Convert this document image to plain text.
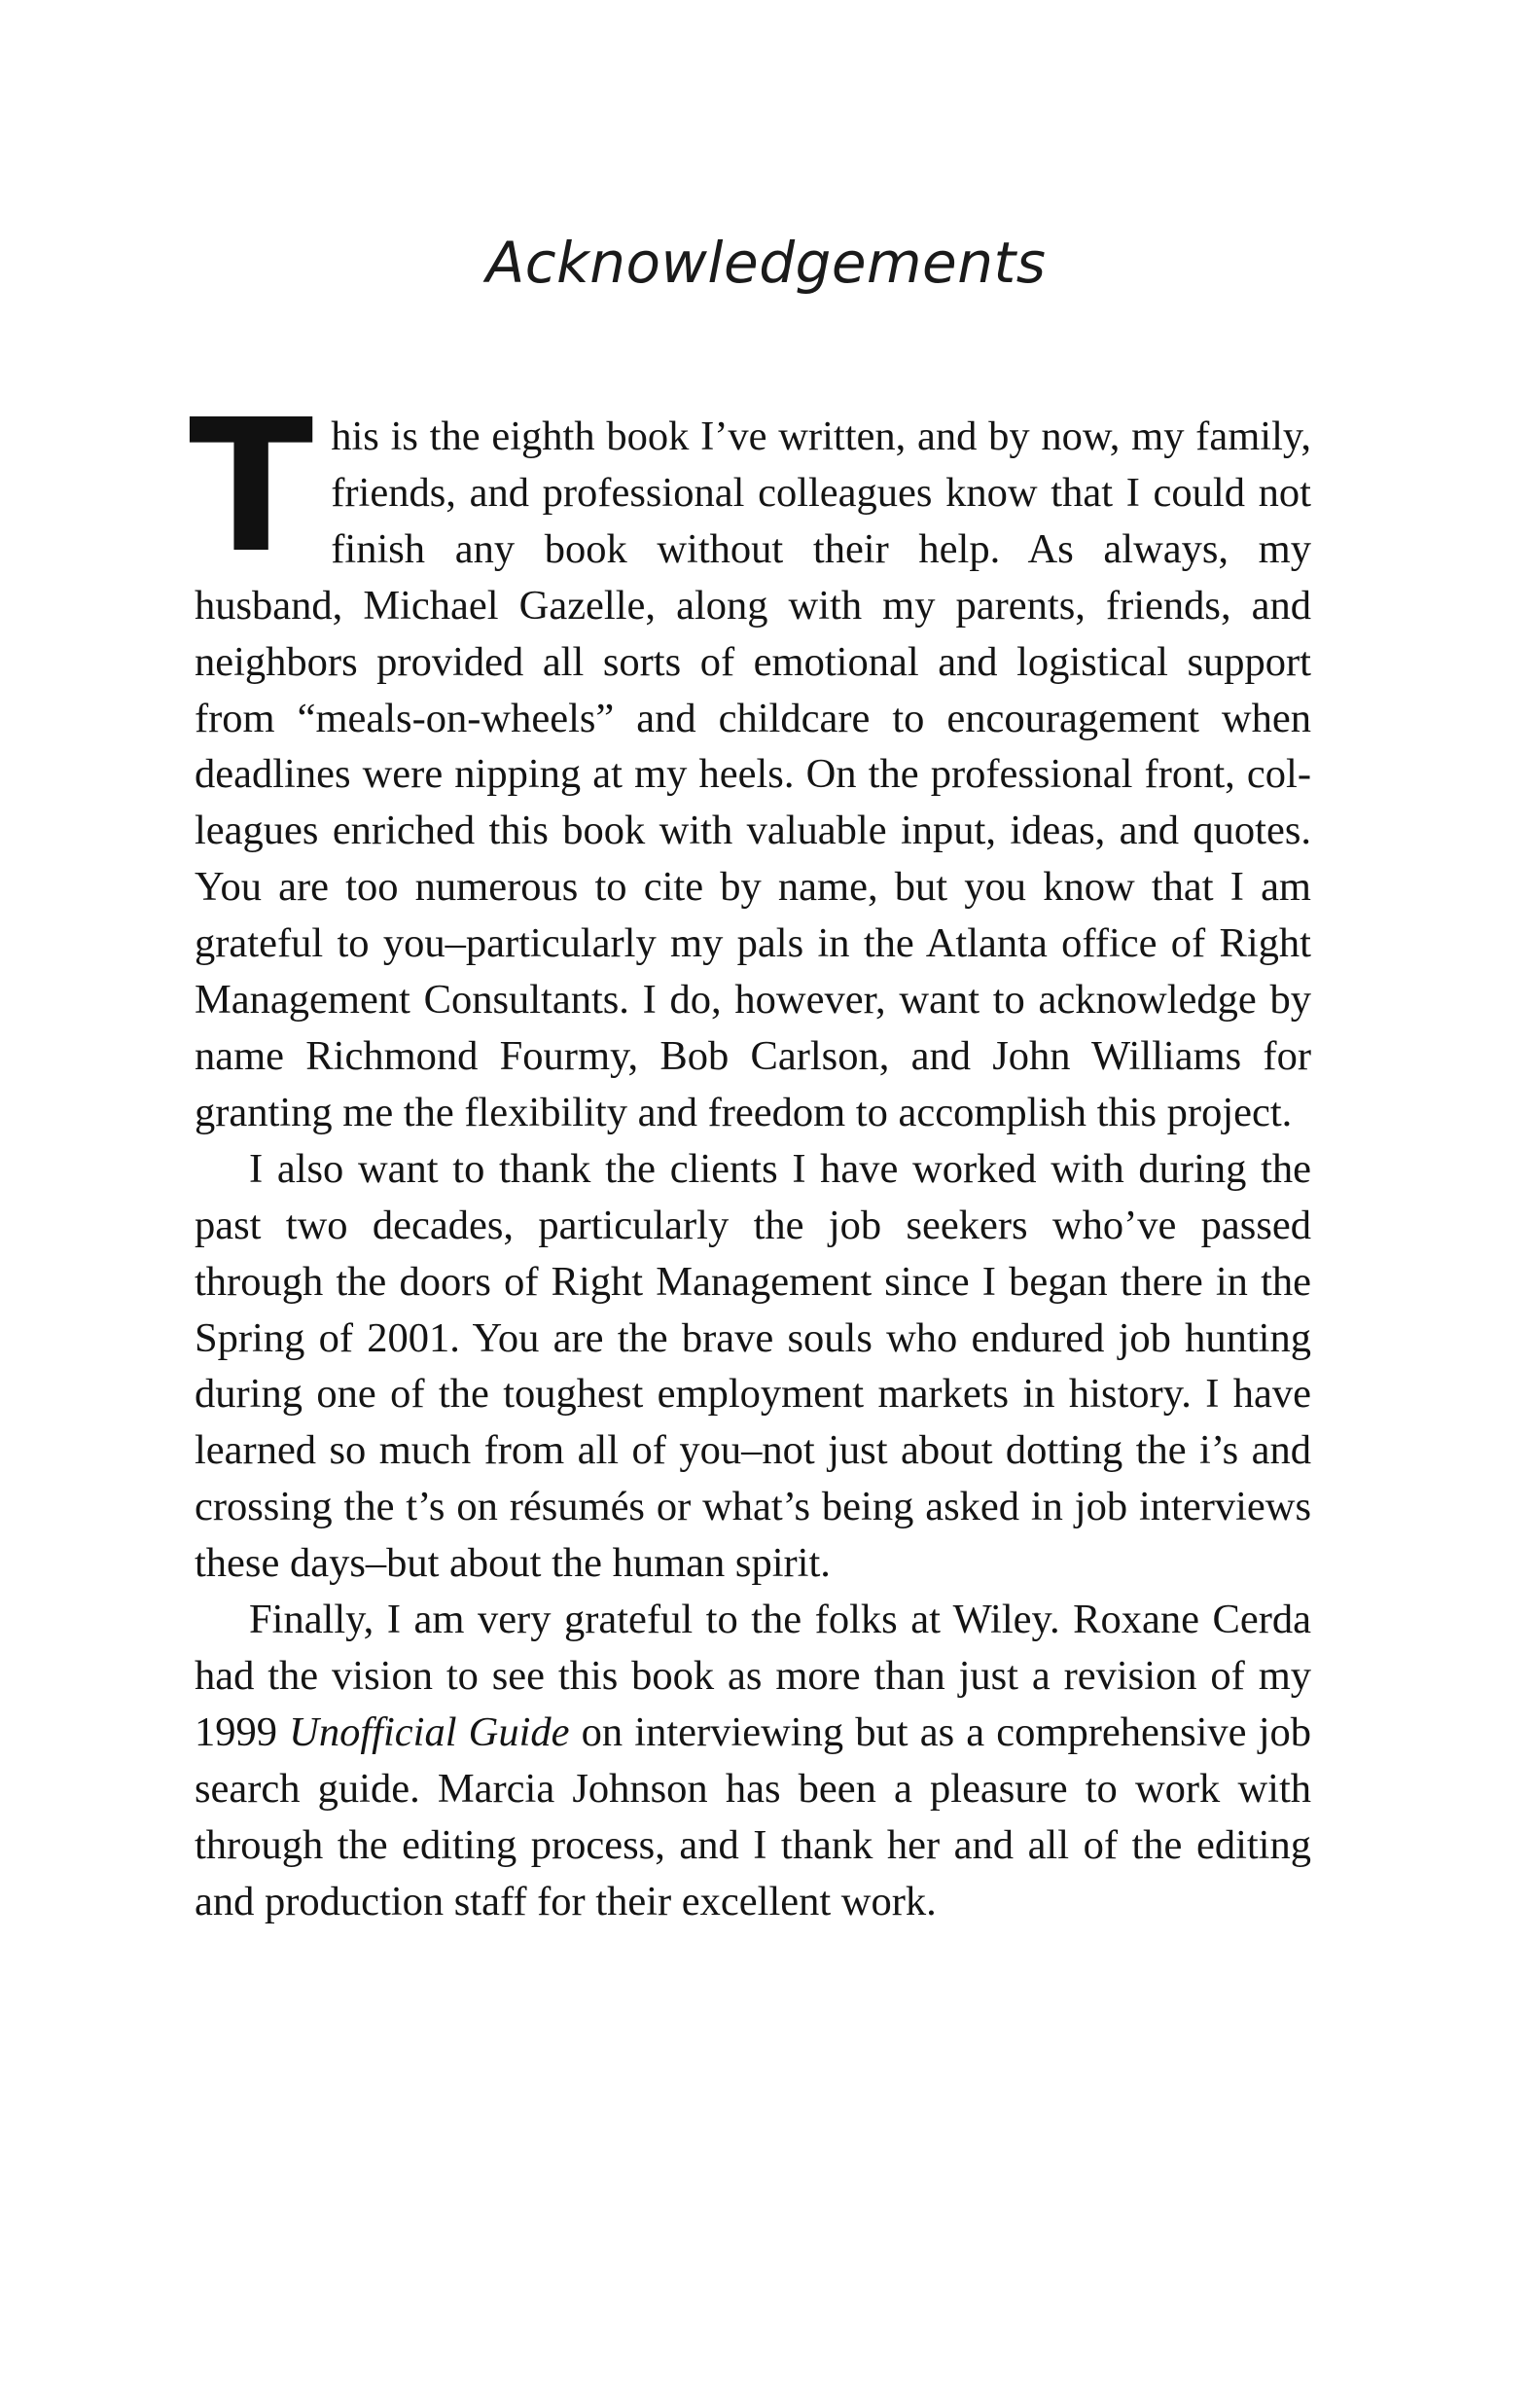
Acknowledgements

This is the eighth book I’ve written, and by now, my family, friends, and professional colleagues know that I could not finish any book without their help. As always, my husband, Michael Gazelle, along with my parents, friends, and neighbors provided all sorts of emotional and logistical support from “meals-on-wheels” and childcare to encouragement when deadlines were nipping at my heels. On the professional front, colleagues enriched this book with valuable input, ideas, and quotes. You are too numerous to cite by name, but you know that I am grateful to you–particularly my pals in the Atlanta office of Right Management Consultants. I do, however, want to acknowledge by name Richmond Fourmy, Bob Carlson, and John Williams for granting me the flexibility and freedom to accomplish this project.

I also want to thank the clients I have worked with during the past two decades, particularly the job seekers who’ve passed through the doors of Right Management since I began there in the Spring of 2001. You are the brave souls who endured job hunting during one of the toughest employment markets in history. I have learned so much from all of you–not just about dotting the i’s and crossing the t’s on résumés or what’s being asked in job interviews these days–but about the human spirit.

Finally, I am very grateful to the folks at Wiley. Roxane Cerda had the vision to see this book as more than just a revision of my 1999 Unofficial Guide on interviewing but as a comprehensive job search guide. Marcia Johnson has been a pleasure to work with through the editing process, and I thank her and all of the editing and production staff for their excellent work.
